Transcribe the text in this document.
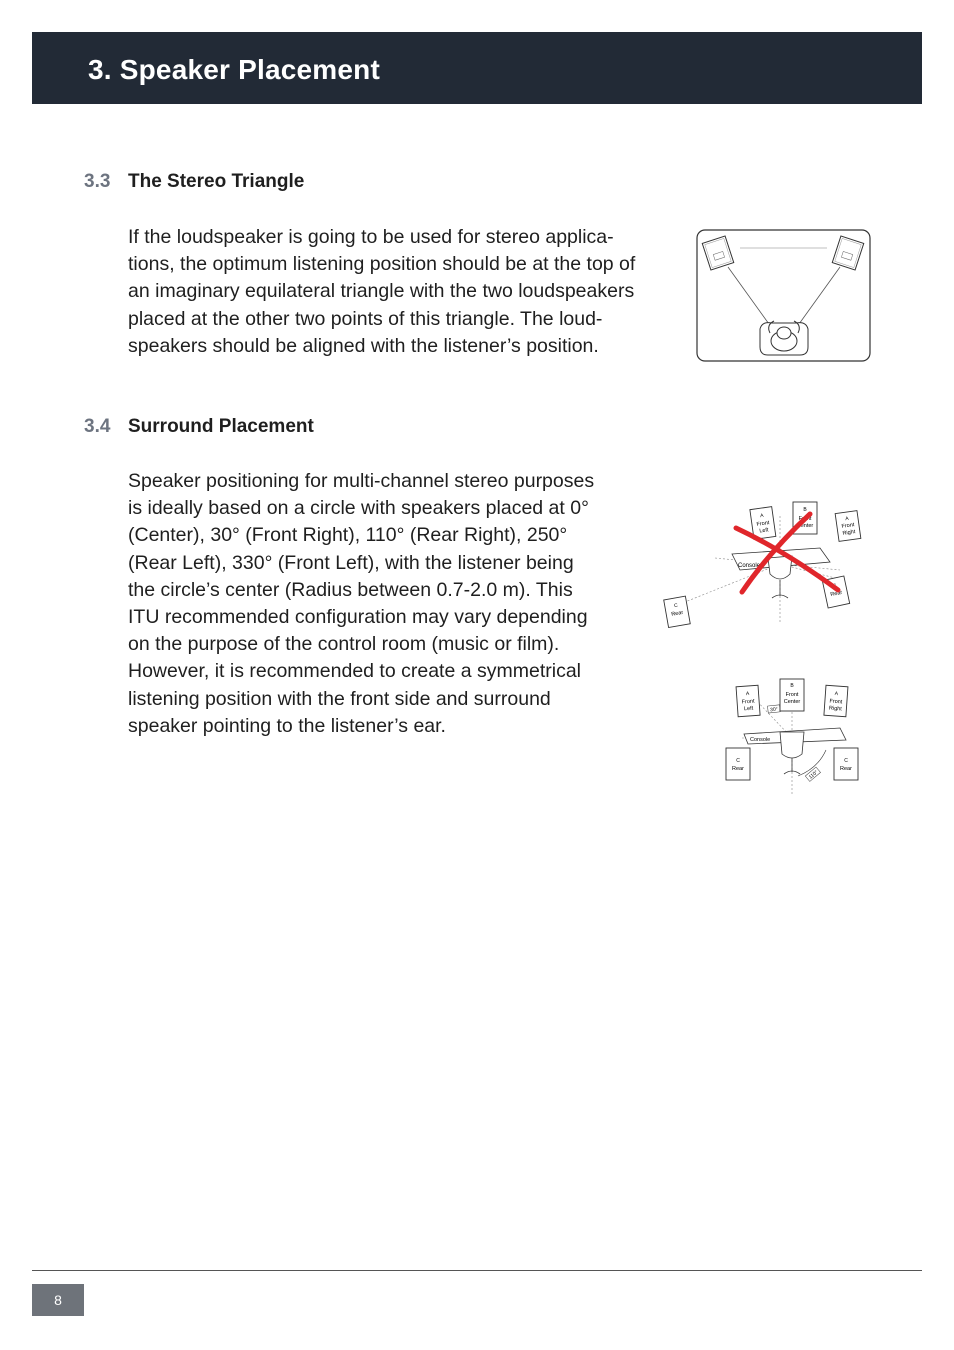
3. Speaker Placement
3.3 The Stereo Triangle
If the loudspeaker is going to be used for stereo applica-
tions, the optimum listening position should be at the top of
an imaginary equilateral triangle with the two loudspeakers
placed at the other two points of this triangle. The loud-
speakers should be aligned with the listener’s position.
3.4 Surround Placement
Speaker positioning for multi-channel stereo purposes
is ideally based on a circle with speakers placed at 0°
(Center), 30° (Front Right), 110° (Rear Right), 250°
(Rear Left), 330° (Front Left), with the listener being
the circle’s center (Radius between 0.7-2.0 m). This
ITU recommended configuration may vary depending
on the purpose of the control room (music or film).
However, it is recommended to create a symmetrical
listening position with the front side and surround
speaker pointing to the listener’s ear.
Console
A
Front
Left
B
Front
Center
A
Front
Right
C
Rear
C
Rear
Console
30°
110°
A
Front
Left
B
Front
Center
A
Front
Right
C
Rear
C
Rear
8
